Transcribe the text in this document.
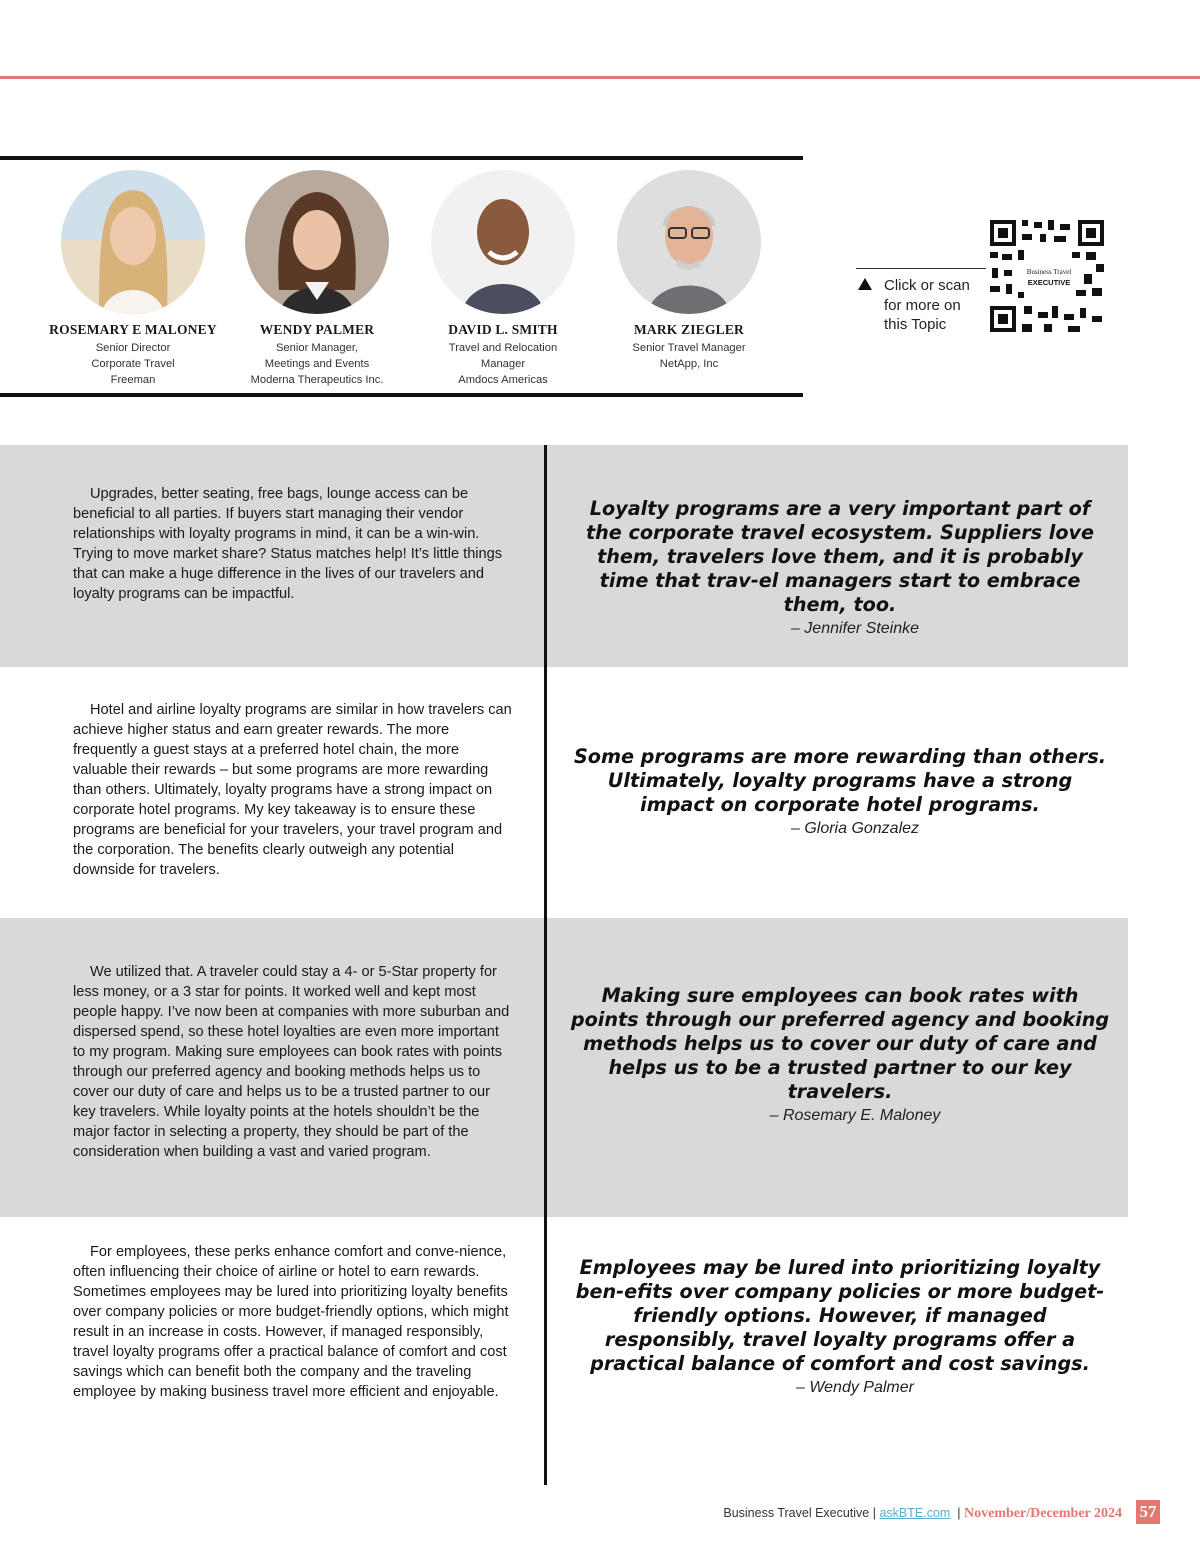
ROSEMARY E MALONEY
Senior Director
Corporate Travel
Freeman
WENDY PALMER
Senior Manager,
Meetings and Events
Moderna Therapeutics Inc.
DAVID L. SMITH
Travel and Relocation
Manager
Amdocs Americas
MARK ZIEGLER
Senior Travel Manager
NetApp, Inc
Click or scan
for more on
this Topic
Business Travel
EXECUTIVE

Upgrades, better seating, free bags, lounge access can be beneficial to all parties. If buyers start managing their vendor relationships with loyalty programs in mind, it can be a win-win. Trying to move market share? Status matches help! It’s little things that can make a huge difference in the lives of our travelers and loyalty programs can be impactful.

Loyalty programs are a very important part of the corporate travel ecosystem. Suppliers love them, travelers love them, and it is probably time that trav-el managers start to embrace them, too.

– Jennifer Steinke

Hotel and airline loyalty programs are similar in how travelers can achieve higher status and earn greater rewards. The more frequently a guest stays at a preferred hotel chain, the more valuable their rewards – but some programs are more rewarding than others. Ultimately, loyalty programs have a strong impact on corporate hotel programs. My key takeaway is to ensure these programs are beneficial for your travelers, your travel program and the corporation. The benefits clearly outweigh any potential downside for travelers.

Some programs are more rewarding than others. Ultimately, loyalty programs have a strong impact on corporate hotel programs.

– Gloria Gonzalez

We utilized that. A traveler could stay a 4- or 5-Star property for less money, or a 3 star for points. It worked well and kept most people happy. I’ve now been at companies with more suburban and dispersed spend, so these hotel loyalties are even more important to my program. Making sure employees can book rates with points through our preferred agency and booking methods helps us to cover our duty of care and helps us to be a trusted partner to our key travelers. While loyalty points at the hotels shouldn’t be the major factor in selecting a property, they should be part of the consideration when building a vast and varied program.

Making sure employees can book rates with points through our preferred agency and booking methods helps us to cover our duty of care and helps us to be a trusted partner to our key travelers.

– Rosemary E. Maloney

For employees, these perks enhance comfort and conve-nience, often influencing their choice of airline or hotel to earn rewards. Sometimes employees may be lured into prioritizing loyalty benefits over company policies or more budget-friendly options, which might result in an increase in costs. However, if managed responsibly, travel loyalty programs offer a practical balance of comfort and cost savings which can benefit both the company and the traveling employee by making business travel more efficient and enjoyable.

Employees may be lured into prioritizing loyalty ben-efits over company policies or more budget-friendly options. However, if managed responsibly, travel loyalty programs offer a practical balance of comfort and cost savings.

– Wendy Palmer
Business Travel Executive | askBTE.com | November/December 2024 57
